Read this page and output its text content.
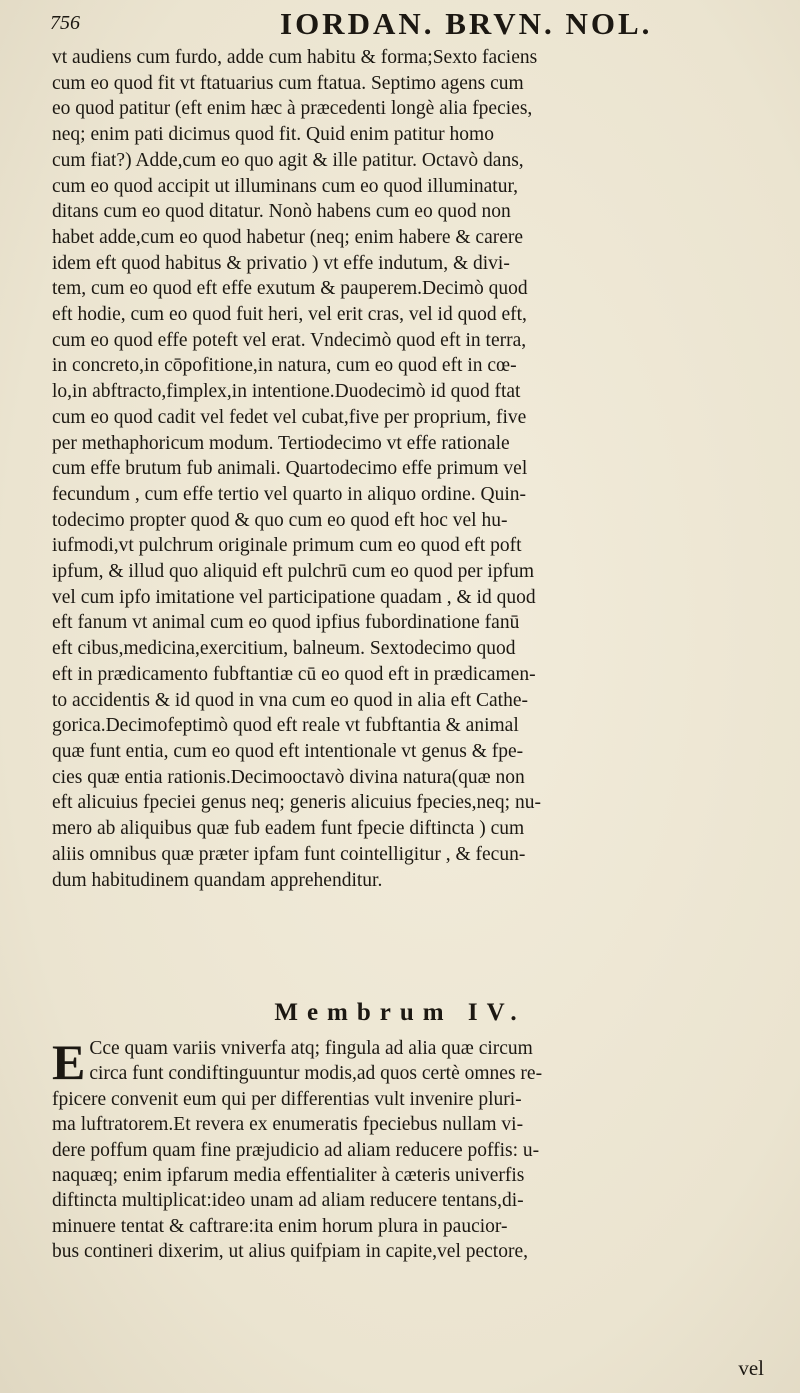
756	IORDAN. BRVN. NOL.
vt audiens cum furdo, adde cum habitu & forma;Sexto faciens
cum eo quod fit vt ftatuarius cum ftatua. Septimo agens cum
eo quod patitur (eft enim hæc à præcedenti longè alia fpecies,
neq; enim pati dicimus quod fit. Quid enim patitur homo
cum fiat?) Adde,cum eo quo agit & ille patitur. Octavò dans,
cum eo quod accipit ut illuminans cum eo quod illuminatur,
ditans cum eo quod ditatur. Nonò habens cum eo quod non
habet adde,cum eo quod habetur (neq; enim habere & carere
idem eft quod habitus & privatio ) vt effe indutum, & divi-
tem, cum eo quod eft effe exutum & pauperem.Decimò quod
eft hodie, cum eo quod fuit heri, vel erit cras, vel id quod eft,
cum eo quod effe poteft vel erat. Vndecimò quod eft in terra,
in concreto,in cōpofitione,in natura, cum eo quod eft in cœ-
lo,in abftracto,fimplex,in intentione.Duodecimò id quod ftat
cum eo quod cadit vel fedet vel cubat,five per proprium, five
per methaphoricum modum. Tertiodecimo vt effe rationale
cum effe brutum fub animali. Quartodecimo effe primum vel
fecundum , cum effe tertio vel quarto in aliquo ordine. Quin-
todecimo propter quod & quo cum eo quod eft hoc vel hu-
iufmodi,vt pulchrum originale primum cum eo quod eft poft
ipfum, & illud quo aliquid eft pulchrū cum eo quod per ipfum
vel cum ipfo imitatione vel participatione quadam , & id quod
eft fanum vt animal cum eo quod ipfius fubordinatione fanū
eft cibus,medicina,exercitium, balneum. Sextodecimo quod
eft in prædicamento fubftantiæ cū eo quod eft in prædicamen-
to accidentis & id quod in vna cum eo quod in alia eft Cathe-
gorica.Decimofeptimò quod eft reale vt fubftantia & animal
quæ funt entia, cum eo quod eft intentionale vt genus & fpe-
cies quæ entia rationis.Decimooctavò divina natura(quæ non
eft alicuius fpeciei genus neq; generis alicuius fpecies,neq; nu-
mero ab aliquibus quæ fub eadem funt fpecie diftincta ) cum
aliis omnibus quæ præter ipfam funt cointelligitur , & fecun-
dum habitudinem quandam apprehenditur.
Membrum IV.
E Cce quam variis vniverfa atq; fingula ad alia quæ circum
circa funt condiftinguuntur modis,ad quos certè omnes re-
fpicere convenit eum qui per differentias vult invenire pluri-
ma luftratorem.Et revera ex enumeratis fpeciebus nullam vi-
dere poffum quam fine præjudicio ad aliam reducere poffis: u-
naquæq; enim ipfarum media effentialiter à cæteris univerfis
diftincta multiplicat:ideo unam ad aliam reducere tentans,di-
minuere tentat & caftrare:ita enim horum plura in paucior-
bus contineri dixerim, ut alius quifpiam in capite,vel pectore,
vel
